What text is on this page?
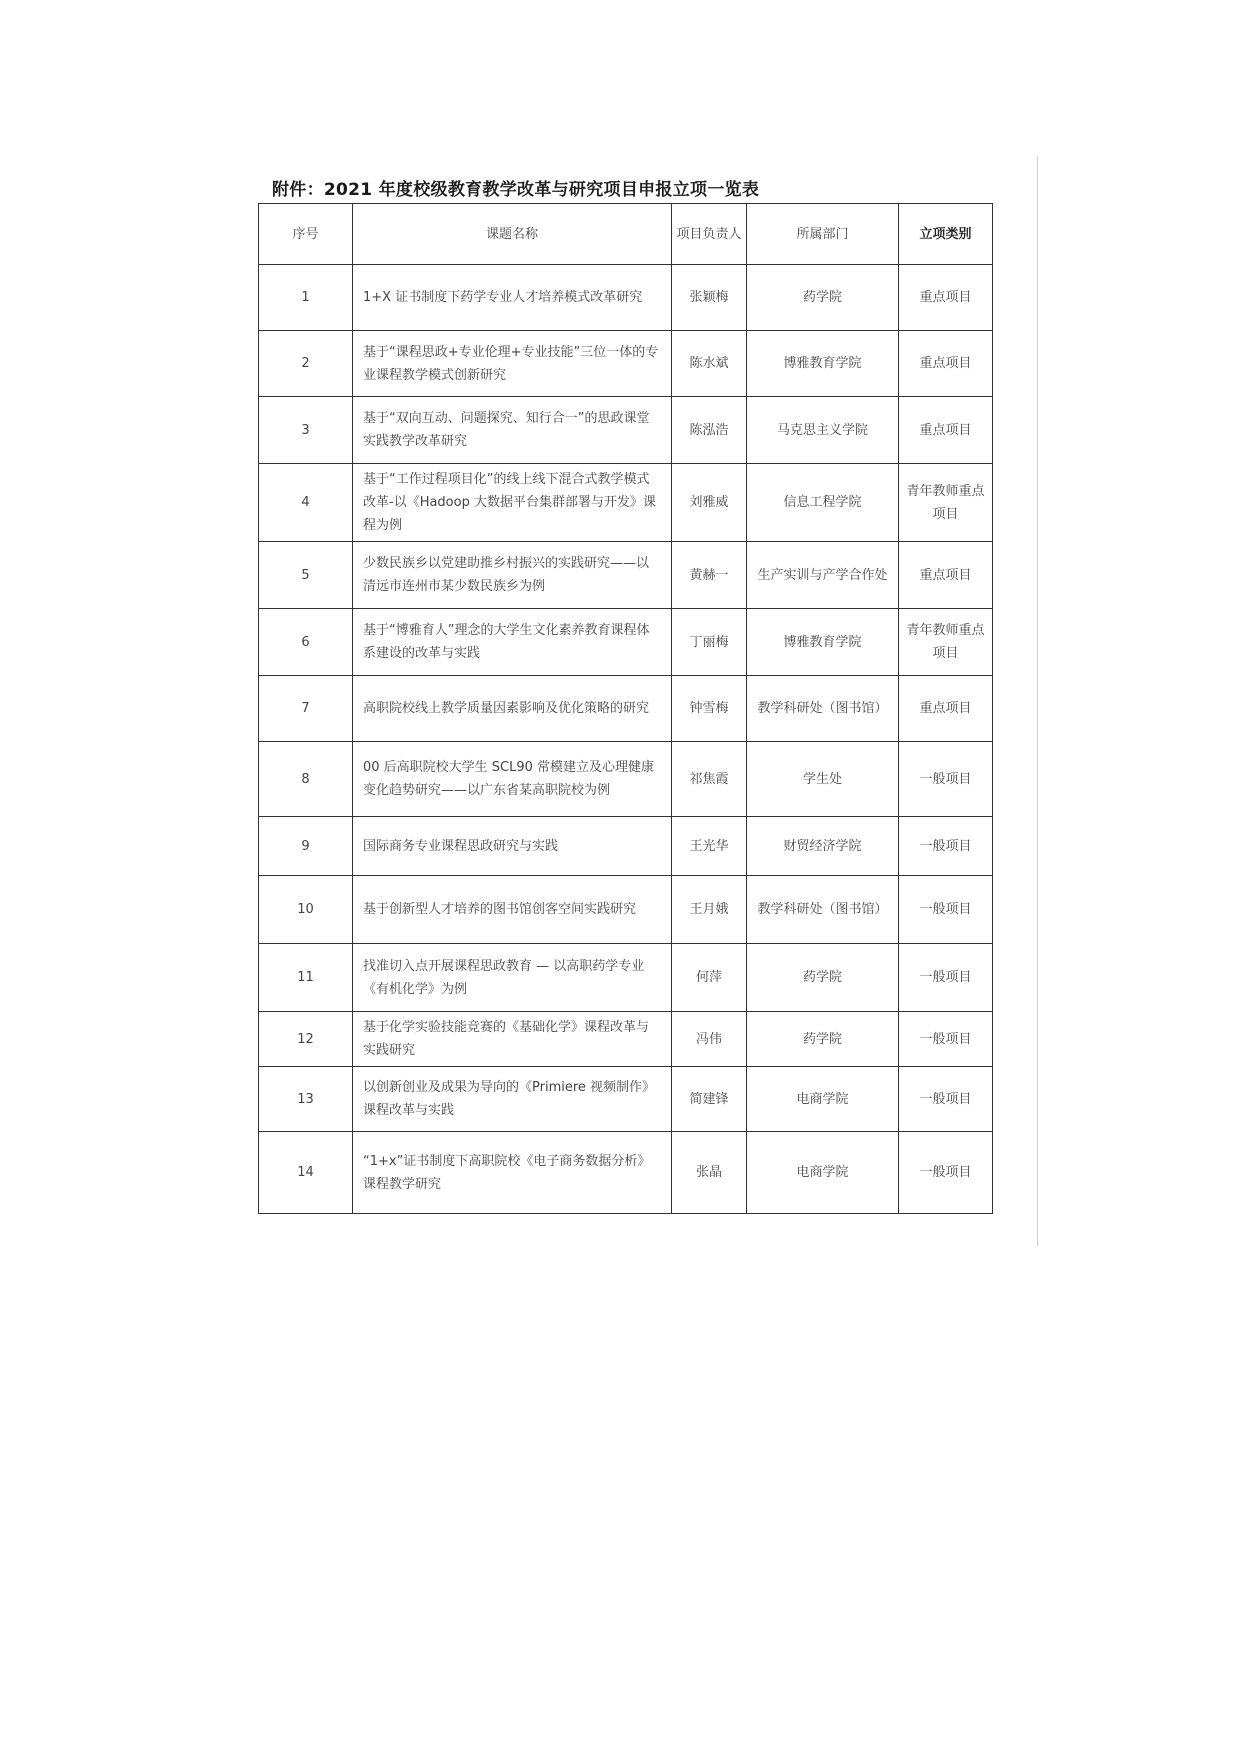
附件：2021 年度校级教育教学改革与研究项目申报立项一览表
序号	课题名称	项目负责人	所属部门	立项类别
1	1+X 证书制度下药学专业人才培养模式改革研究	张颖梅	药学院	重点项目
2	基于“课程思政+专业伦理+专业技能”三位一体的专业课程教学模式创新研究	陈水斌	博雅教育学院	重点项目
3	基于“双向互动、问题探究、知行合一”的思政课堂实践教学改革研究	陈泓浩	马克思主义学院	重点项目
4	基于“工作过程项目化”的线上线下混合式教学模式改革-以《Hadoop 大数据平台集群部署与开发》课程为例	刘雅威	信息工程学院	青年教师重点项目
5	少数民族乡以党建助推乡村振兴的实践研究——以清远市连州市某少数民族乡为例	黄赫一	生产实训与产学合作处	重点项目
6	基于“博雅育人”理念的大学生文化素养教育课程体系建设的改革与实践	丁丽梅	博雅教育学院	青年教师重点项目
7	高职院校线上教学质量因素影响及优化策略的研究	钟雪梅	教学科研处（图书馆）	重点项目
8	00 后高职院校大学生 SCL90 常模建立及心理健康变化趋势研究——以广东省某高职院校为例	祁焦霞	学生处	一般项目
9	国际商务专业课程思政研究与实践	王光华	财贸经济学院	一般项目
10	基于创新型人才培养的图书馆创客空间实践研究	王月娥	教学科研处（图书馆）	一般项目
11	找准切入点开展课程思政教育 — 以高职药学专业《有机化学》为例	何萍	药学院	一般项目
12	基于化学实验技能竞赛的《基础化学》课程改革与实践研究	冯伟	药学院	一般项目
13	以创新创业及成果为导向的《Primiere 视频制作》课程改革与实践	简建锋	电商学院	一般项目
14	“1+x”证书制度下高职院校《电子商务数据分析》课程教学研究	张晶	电商学院	一般项目
